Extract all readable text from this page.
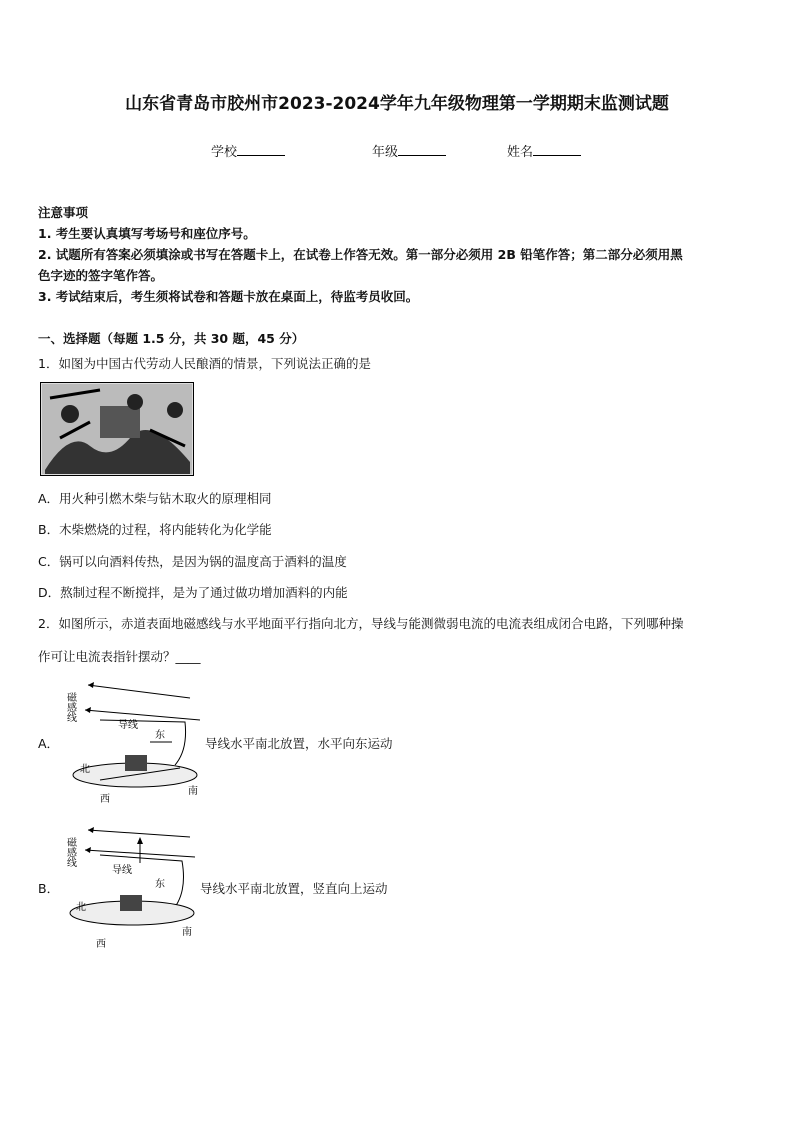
山东省青岛市胶州市2023-2024学年九年级物理第一学期期末监测试题
学校	年级	姓名
注意事项
1. 考生要认真填写考场号和座位序号。
2. 试题所有答案必须填涂或书写在答题卡上，在试卷上作答无效。第一部分必须用 2B 铅笔作答；第二部分必须用黑
色字迹的签字笔作答。
3. 考试结束后，考生须将试卷和答题卡放在桌面上，待监考员收回。
一、选择题（每题 1.5 分，共 30 题，45 分）
1．如图为中国古代劳动人民酿酒的情景，下列说法正确的是
A．用火种引燃木柴与钻木取火的原理相同
B．木柴燃烧的过程，将内能转化为化学能
C．锅可以向酒料传热，是因为锅的温度高于酒料的温度
D．熬制过程不断搅拌，是为了通过做功增加酒料的内能
2．如图所示，赤道表面地磁感线与水平地面平行指向北方，导线与能测微弱电流的电流表组成闭合电路，下列哪种操
作可让电流表指针摆动？____
A．
磁感线
导线
东
北
南
西
导线水平南北放置，水平向东运动
B．
磁感线
导线
东
北
南
西
导线水平南北放置，竖直向上运动
